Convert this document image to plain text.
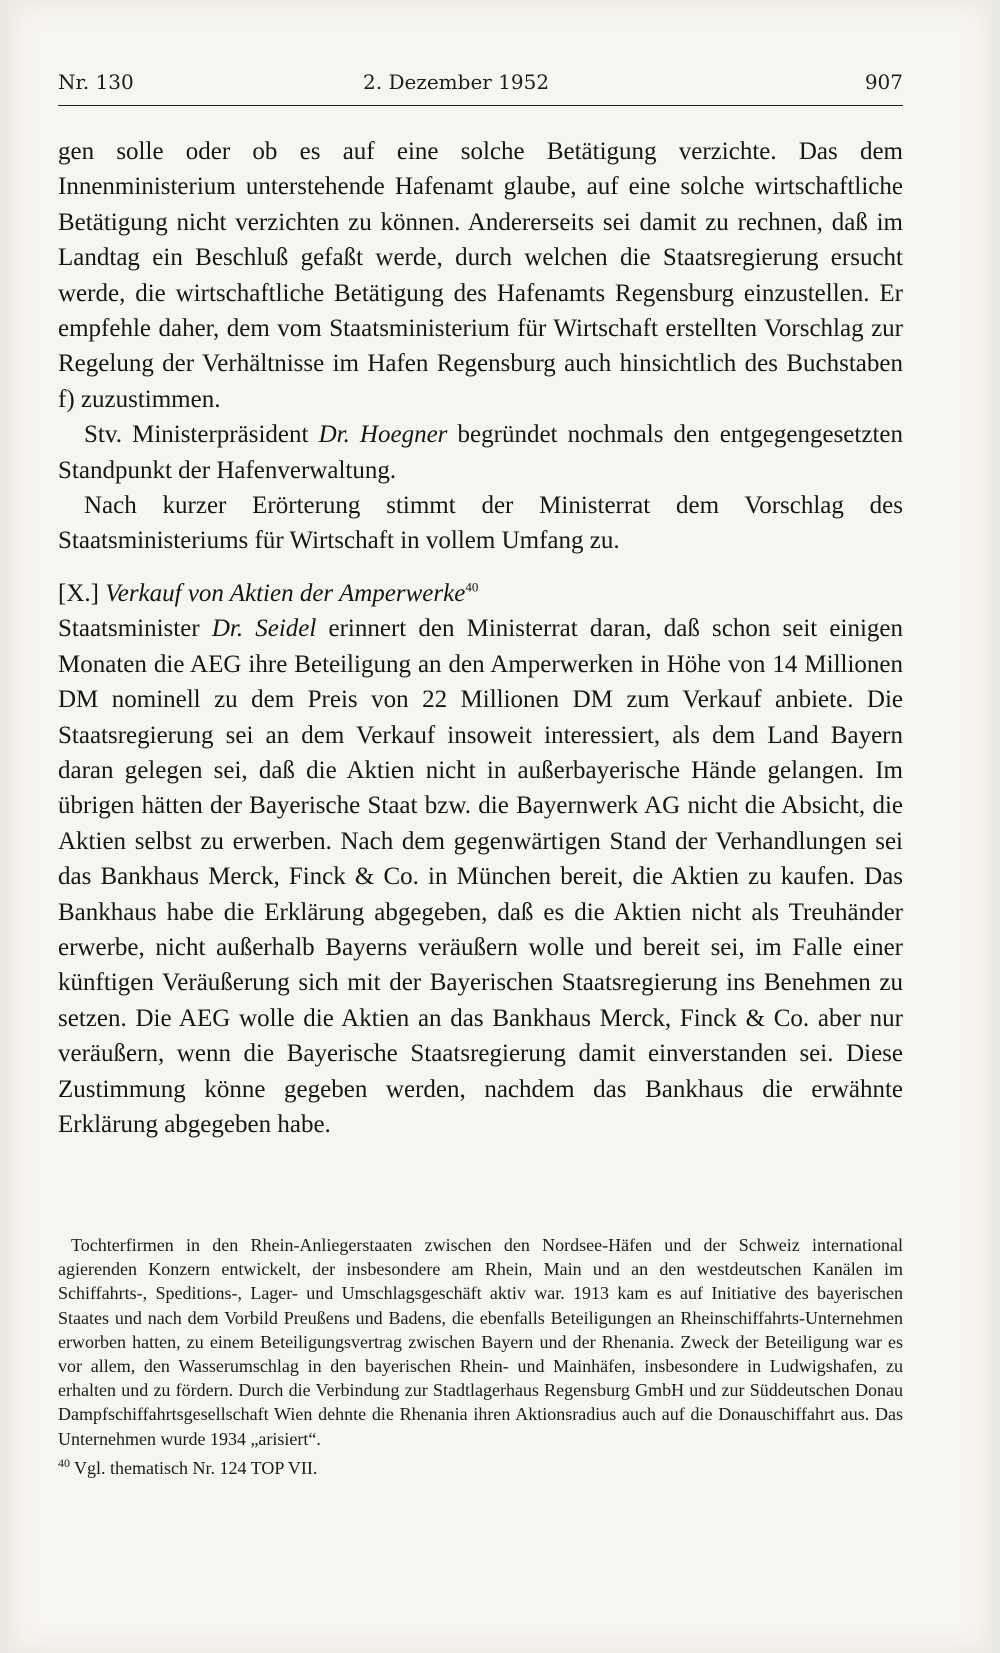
Nr. 130	2. Dezember 1952	907

gen solle oder ob es auf eine solche Betätigung verzichte. Das dem Innenministerium unterstehende Hafenamt glaube, auf eine solche wirtschaftliche Betätigung nicht verzichten zu können. Andererseits sei damit zu rechnen, daß im Landtag ein Beschluß gefaßt werde, durch welchen die Staatsregierung ersucht werde, die wirtschaftliche Betätigung des Hafenamts Regensburg einzustellen. Er empfehle daher, dem vom Staatsministerium für Wirtschaft erstellten Vorschlag zur Regelung der Verhältnisse im Hafen Regensburg auch hinsichtlich des Buchstaben f) zuzustimmen.

Stv. Ministerpräsident Dr. Hoegner begründet nochmals den entgegengesetzten Standpunkt der Hafenverwaltung.

Nach kurzer Erörterung stimmt der Ministerrat dem Vorschlag des Staatsministeriums für Wirtschaft in vollem Umfang zu.

[X.] Verkauf von Aktien der Amperwerke$^{40}$

Staatsminister Dr. Seidel erinnert den Ministerrat daran, daß schon seit einigen Monaten die AEG ihre Beteiligung an den Amperwerken in Höhe von 14 Millionen DM nominell zu dem Preis von 22 Millionen DM zum Verkauf anbiete. Die Staatsregierung sei an dem Verkauf insoweit interessiert, als dem Land Bayern daran gelegen sei, daß die Aktien nicht in außerbayerische Hände gelangen. Im übrigen hätten der Bayerische Staat bzw. die Bayernwerk AG nicht die Absicht, die Aktien selbst zu erwerben. Nach dem gegenwärtigen Stand der Verhandlungen sei das Bankhaus Merck, Finck & Co. in München bereit, die Aktien zu kaufen. Das Bankhaus habe die Erklärung abgegeben, daß es die Aktien nicht als Treuhänder erwerbe, nicht außerhalb Bayerns veräußern wolle und bereit sei, im Falle einer künftigen Veräußerung sich mit der Bayerischen Staatsregierung ins Benehmen zu setzen. Die AEG wolle die Aktien an das Bankhaus Merck, Finck & Co. aber nur veräußern, wenn die Bayerische Staatsregierung damit einverstanden sei. Diese Zustimmung könne gegeben werden, nachdem das Bankhaus die erwähnte Erklärung abgegeben habe.

Tochterfirmen in den Rhein-Anliegerstaaten zwischen den Nordsee-Häfen und der Schweiz international agierenden Konzern entwickelt, der insbesondere am Rhein, Main und an den westdeutschen Kanälen im Schiffahrts-, Speditions-, Lager- und Umschlagsgeschäft aktiv war. 1913 kam es auf Initiative des bayerischen Staates und nach dem Vorbild Preußens und Badens, die ebenfalls Beteiligungen an Rheinschiffahrts-Unternehmen erworben hatten, zu einem Beteiligungsvertrag zwischen Bayern und der Rhenania. Zweck der Beteiligung war es vor allem, den Wasserumschlag in den bayerischen Rhein- und Mainhäfen, insbesondere in Ludwigshafen, zu erhalten und zu fördern. Durch die Verbindung zur Stadtlagerhaus Regensburg GmbH und zur Süddeutschen Donau Dampfschiffahrtsgesellschaft Wien dehnte die Rhenania ihren Aktionsradius auch auf die Donauschiffahrt aus. Das Unternehmen wurde 1934 „arisiert“.

$^{40}$ Vgl. thematisch Nr. 124 TOP VII.
